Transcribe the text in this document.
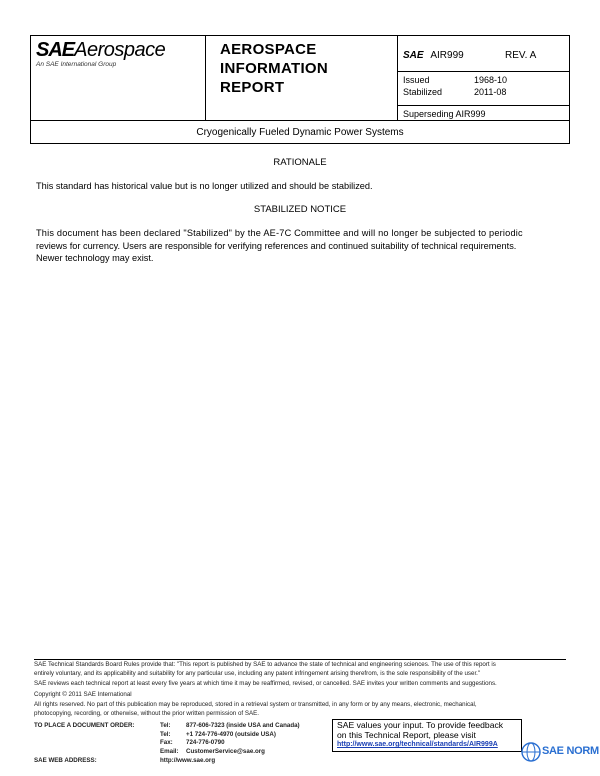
SAEAerospace
An SAE International Group
AEROSPACE
INFORMATION
REPORT
SAE AIR999	REV. A
Issued	1968-10
Stabilized	2011-08
Superseding AIR999
Cryogenically Fueled Dynamic Power Systems
RATIONALE
This standard has historical value but is no longer utilized and should be stabilized.
STABILIZED NOTICE
This document has been declared "Stabilized" by the AE-7C Committee and will no longer be subjected to periodic
reviews for currency. Users are responsible for verifying references and continued suitability of technical requirements.
Newer technology may exist.
SAE Technical Standards Board Rules provide that: "This report is published by SAE to advance the state of technical and engineering sciences. The use of this report is
entirely voluntary, and its applicability and suitability for any particular use, including any patent infringement arising therefrom, is the sole responsibility of the user."
SAE reviews each technical report at least every five years at which time it may be reaffirmed, revised, or cancelled. SAE invites your written comments and suggestions.
Copyright © 2011 SAE International
All rights reserved. No part of this publication may be reproduced, stored in a retrieval system or transmitted, in any form or by any means, electronic, mechanical,
photocopying, recording, or otherwise, without the prior written permission of SAE.
TO PLACE A DOCUMENT ORDER:	Tel: 877-606-7323 (inside USA and Canada)
Tel: +1 724-776-4970 (outside USA)
Fax: 724-776-0790
Email: CustomerService@sae.org
SAE WEB ADDRESS:	http://www.sae.org
SAE values your input. To provide feedback
on this Technical Report, please visit
http://www.sae.org/technical/standards/AIR999A
SAE NORM
